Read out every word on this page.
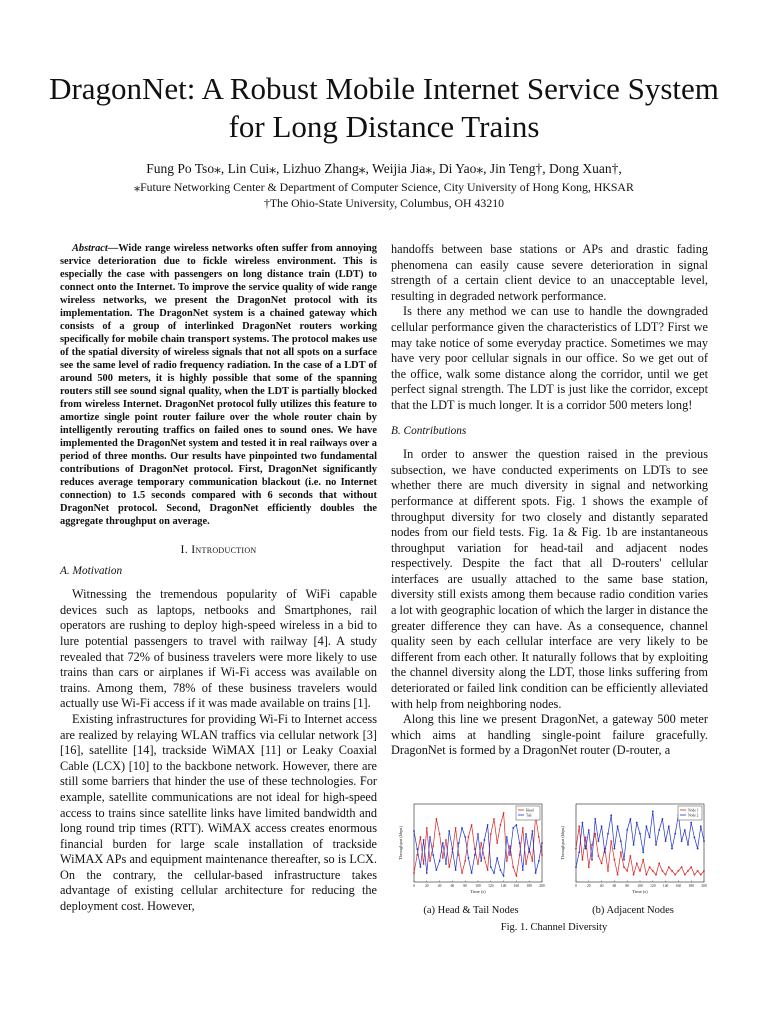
DragonNet: A Robust Mobile Internet Service System for Long Distance Trains
Fung Po Tso⁎, Lin Cui⁎, Lizhuo Zhang⁎, Weijia Jia⁎, Di Yao⁎, Jin Teng†, Dong Xuan†,
⁎Future Networking Center & Department of Computer Science, City University of Hong Kong, HKSAR
†The Ohio-State University, Columbus, OH 43210

Abstract—Wide range wireless networks often suffer from annoying service deterioration due to fickle wireless environment. This is especially the case with passengers on long distance train (LDT) to connect onto the Internet. To improve the service quality of wide range wireless networks, we present the DragonNet protocol with its implementation. The DragonNet system is a chained gateway which consists of a group of interlinked DragonNet routers working specifically for mobile chain transport systems. The protocol makes use of the spatial diversity of wireless signals that not all spots on a surface see the same level of radio frequency radiation. In the case of a LDT of around 500 meters, it is highly possible that some of the spanning routers still see sound signal quality, when the LDT is partially blocked from wireless Internet. DragonNet protocol fully utilizes this feature to amortize single point router failure over the whole router chain by intelligently rerouting traffics on failed ones to sound ones. We have implemented the DragonNet system and tested it in real railways over a period of three months. Our results have pinpointed two fundamental contributions of DragonNet protocol. First, DragonNet significantly reduces average temporary communication blackout (i.e. no Internet connection) to 1.5 seconds compared with 6 seconds that without DragonNet protocol. Second, DragonNet efficiently doubles the aggregate throughput on average.

I. Introduction
A. Motivation

Witnessing the tremendous popularity of WiFi capable devices such as laptops, netbooks and Smartphones, rail operators are rushing to deploy high-speed wireless in a bid to lure potential passengers to travel with railway [4]. A study revealed that 72% of business travelers were more likely to use trains than cars or airplanes if Wi-Fi access was available on trains. Among them, 78% of these business travelers would actually use Wi-Fi access if it was made available on trains [1].

Existing infrastructures for providing Wi-Fi to Internet access are realized by relaying WLAN traffics via cellular network [3] [16], satellite [14], trackside WiMAX [11] or Leaky Coaxial Cable (LCX) [10] to the backbone network. However, there are still some barriers that hinder the use of these technologies. For example, satellite communications are not ideal for high-speed access to trains since satellite links have limited bandwidth and long round trip times (RTT). WiMAX access creates enormous financial burden for large scale installation of trackside WiMAX APs and equipment maintenance thereafter, so is LCX. On the contrary, the cellular-based infrastructure takes advantage of existing cellular architecture for reducing the deployment cost. However,

handoffs between base stations or APs and drastic fading phenomena can easily cause severe deterioration in signal strength of a certain client device to an unacceptable level, resulting in degraded network performance.

Is there any method we can use to handle the downgraded cellular performance given the characteristics of LDT? First we may take notice of some everyday practice. Sometimes we may have very poor cellular signals in our office. So we get out of the office, walk some distance along the corridor, until we get perfect signal strength. The LDT is just like the corridor, except that the LDT is much longer. It is a corridor 500 meters long!

B. Contributions

In order to answer the question raised in the previous subsection, we have conducted experiments on LDTs to see whether there are much diversity in signal and networking performance at different spots. Fig. 1 shows the example of throughput diversity for two closely and distantly separated nodes from our field tests. Fig. 1a & Fig. 1b are instantaneous throughput variation for head-tail and adjacent nodes respectively. Despite the fact that all D-routers' cellular interfaces are usually attached to the same base station, diversity still exists among them because radio condition varies a lot with geographic location of which the larger in distance the greater difference they can have. As a consequence, channel quality seen by each cellular interface are very likely to be different from each other. It naturally follows that by exploiting the channel diversity along the LDT, those links suffering from deteriorated or failed link condition can be efficiently alleviated with help from neighboring nodes.

Along this line we present DragonNet, a gateway 500 meter which aims at handling single-point failure gracefully. DragonNet is formed by a DragonNet router (D-router, a

Throughput (kbps)
0	20	40	60	80 100 120 140 160 180 200
Time (s)
Head
Tail
Throughput (kbps)
0	20	40	60	80 100 120 140 160 180 200
Time (s)
Node 1
Node 2
(a) Head & Tail Nodes	(b) Adjacent Nodes
Fig. 1. Channel Diversity
